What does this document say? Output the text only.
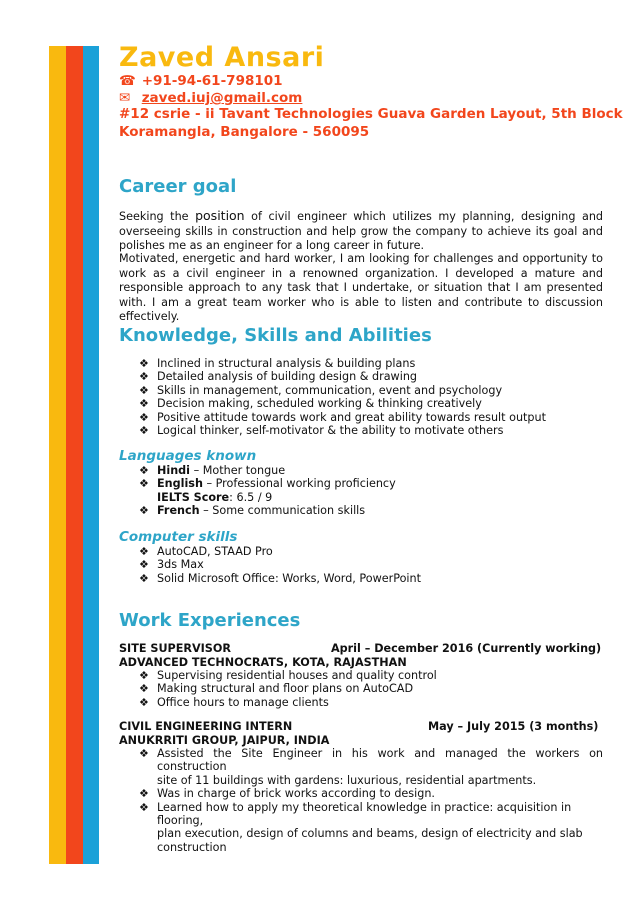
Zaved Ansari
☎ +91-94-61-798101
✉ zaved.iuj@gmail.com
#12 csrie - ii Tavant Technologies Guava Garden Layout, 5th Block
Koramangla, Bangalore - 560095
Career goal
Seeking the position of civil engineer which utilizes my planning, designing and overseeing skills in construction and help grow the company to achieve its goal and polishes me as an engineer for a long career in future.
Motivated, energetic and hard worker, I am looking for challenges and opportunity to work as a civil engineer in a renowned organization. I developed a mature and responsible approach to any task that I undertake, or situation that I am presented with. I am a great team worker who is able to listen and contribute to discussion effectively.
Knowledge, Skills and Abilities
❖ Inclined in structural analysis & building plans
❖ Detailed analysis of building design & drawing
❖ Skills in management, communication, event and psychology
❖ Decision making, scheduled working & thinking creatively
❖ Positive attitude towards work and great ability towards result output
❖ Logical thinker, self-motivator & the ability to motivate others
Languages known
❖ Hindi – Mother tongue
❖ English – Professional working proficiency
IELTS Score: 6.5 / 9
❖ French – Some communication skills
Computer skills
❖ AutoCAD, STAAD Pro
❖ 3ds Max
❖ Solid Microsoft Office: Works, Word, PowerPoint
Work Experiences
SITE SUPERVISOR	April – December 2016 (Currently working)
ADVANCED TECHNOCRATS, KOTA, RAJASTHAN
❖ Supervising residential houses and quality control
❖ Making structural and floor plans on AutoCAD
❖ Office hours to manage clients
CIVIL ENGINEERING INTERN	May – July 2015 (3 months)
ANUKRRITI GROUP, JAIPUR, INDIA
❖ Assisted the Site Engineer in his work and managed the workers on construction
site of 11 buildings with gardens: luxurious, residential apartments.
❖ Was in charge of brick works according to design.
❖ Learned how to apply my theoretical knowledge in practice: acquisition in flooring,
plan execution, design of columns and beams, design of electricity and slab
construction
